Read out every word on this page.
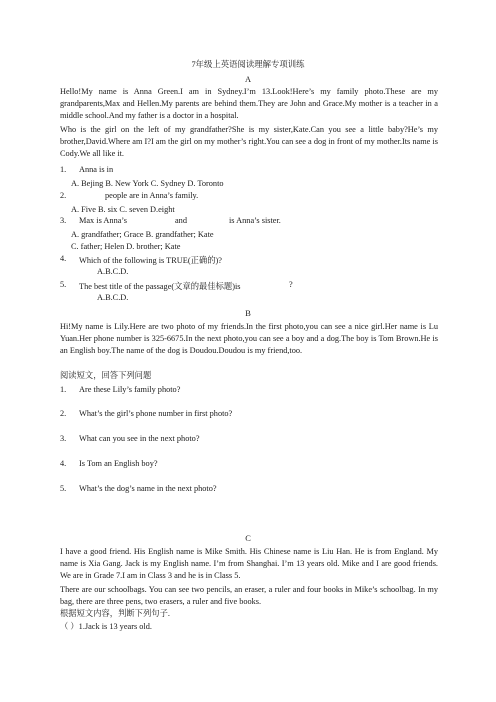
7年级上英语阅读理解专项训练
A

Hello!My name is Anna Green.I am in Sydney.I’m 13.Look!Here’s my family photo.These are my grandparents,Max and Hellen.My parents are behind them.They are John and Grace.My mother is a teacher in a middle school.And my father is a doctor in a hospital.

Who is the girl on the left of my grandfather?She is my sister,Kate.Can you see a little baby?He’s my brother,David.Where am I?I am the girl on my mother’s right.You can see a dog in front of my mother.Its name is Cody.We all like it.

1. Anna is in
A. Bejing B. New York C. Sydney D. Toronto
2.	people are in Anna’s family.
A. Five B. six C. seven D.eight
3. Max is Anna’s	and	is Anna’s sister.
A. grandfather; Grace B. grandfather; Kate
C. father; Helen D. brother; Kate
4. Which of the following is TRUE(正确的)?
A.B.C.D.
5. The best title of the passage(文章的最佳标题)is	?
A.B.C.D.
B

Hi!My name is Lily.Here are two photo of my friends.In the first photo,you can see a nice girl.Her name is Lu Yuan.Her phone number is 325-6675.In the next photo,you can see a boy and a dog.The boy is Tom Brown.He is an English boy.The name of the dog is Doudou.Doudou is my friend,too.

阅读短文，回答下列问题
1. Are these Lily’s family photo?
2. What’s the girl’s phone number in first photo?
3. What can you see in the next photo?
4. Is Tom an English boy?
5. What’s the dog’s name in the next photo?
C

I have a good friend. His English name is Mike Smith. His Chinese name is Liu Han. He is from England. My name is Xia Gang. Jack is my English name. I’m from Shanghai. I’m 13 years old. Mike and I are good friends. We are in Grade 7.I am in Class 3 and he is in Class 5.

There are our schoolbags. You can see two pencils, an eraser, a ruler and four books in Mike’s schoolbag. In my bag, there are three pens, two erasers, a ruler and five books.

根据短文内容，判断下列句子.
（ ）1.Jack is 13 years old.
